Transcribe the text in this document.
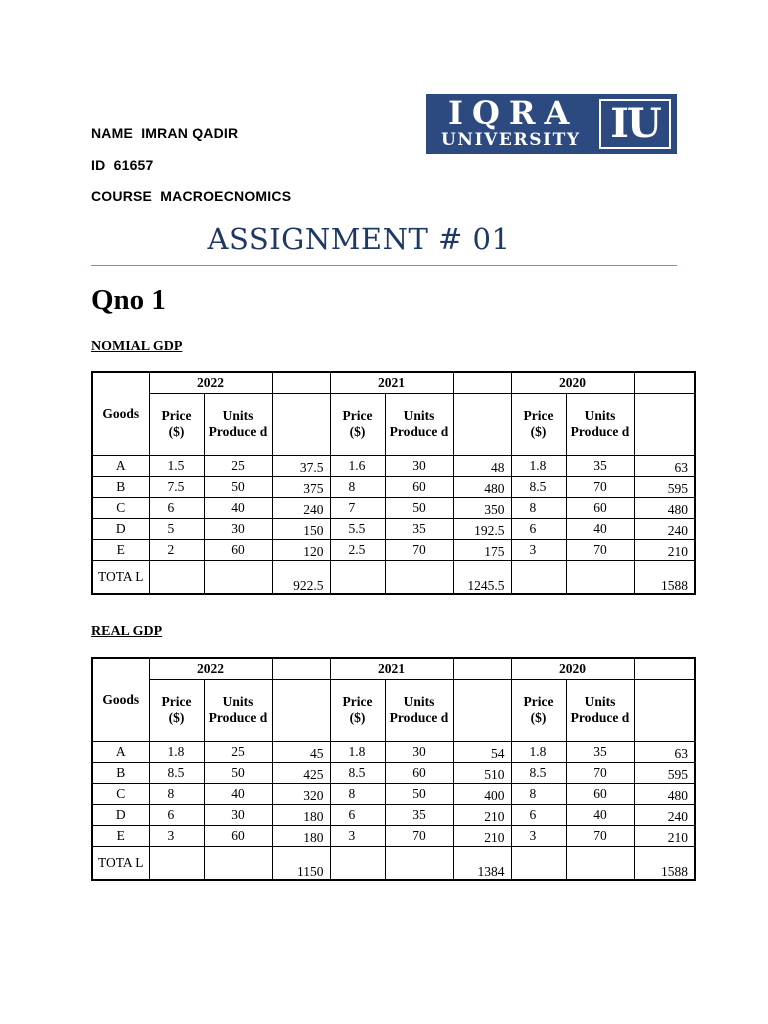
NAME IMRAN QADIR
ID 61657
COURSE MACROECNOMICS
IQRA
UNIVERSITY IU
ASSIGNMENT # 01
Qno 1
NOMIAL GDP
Goods	2022			2021			2020		
	Price ($)	Units Produce d		Price ($)	Units Produce d		Price ($)	Units Produce d	
A	1.5	25	37.5	1.6	30	48	1.8	35	63
B	7.5	50	375	8	60	480	8.5	70	595
C	6	40	240	7	50	350	8	60	480
D	5	30	150	5.5	35	192.5	6	40	240
E	2	60	120	2.5	70	175	3	70	210
TOTA L			922.5			1245.5			1588
REAL GDP
Goods	2022			2021			2020		
	Price ($)	Units Produce d		Price ($)	Units Produce d		Price ($)	Units Produce d	
A	1.8	25	45	1.8	30	54	1.8	35	63
B	8.5	50	425	8.5	60	510	8.5	70	595
C	8	40	320	8	50	400	8	60	480
D	6	30	180	6	35	210	6	40	240
E	3	60	180	3	70	210	3	70	210
TOTA L			1150			1384			1588
